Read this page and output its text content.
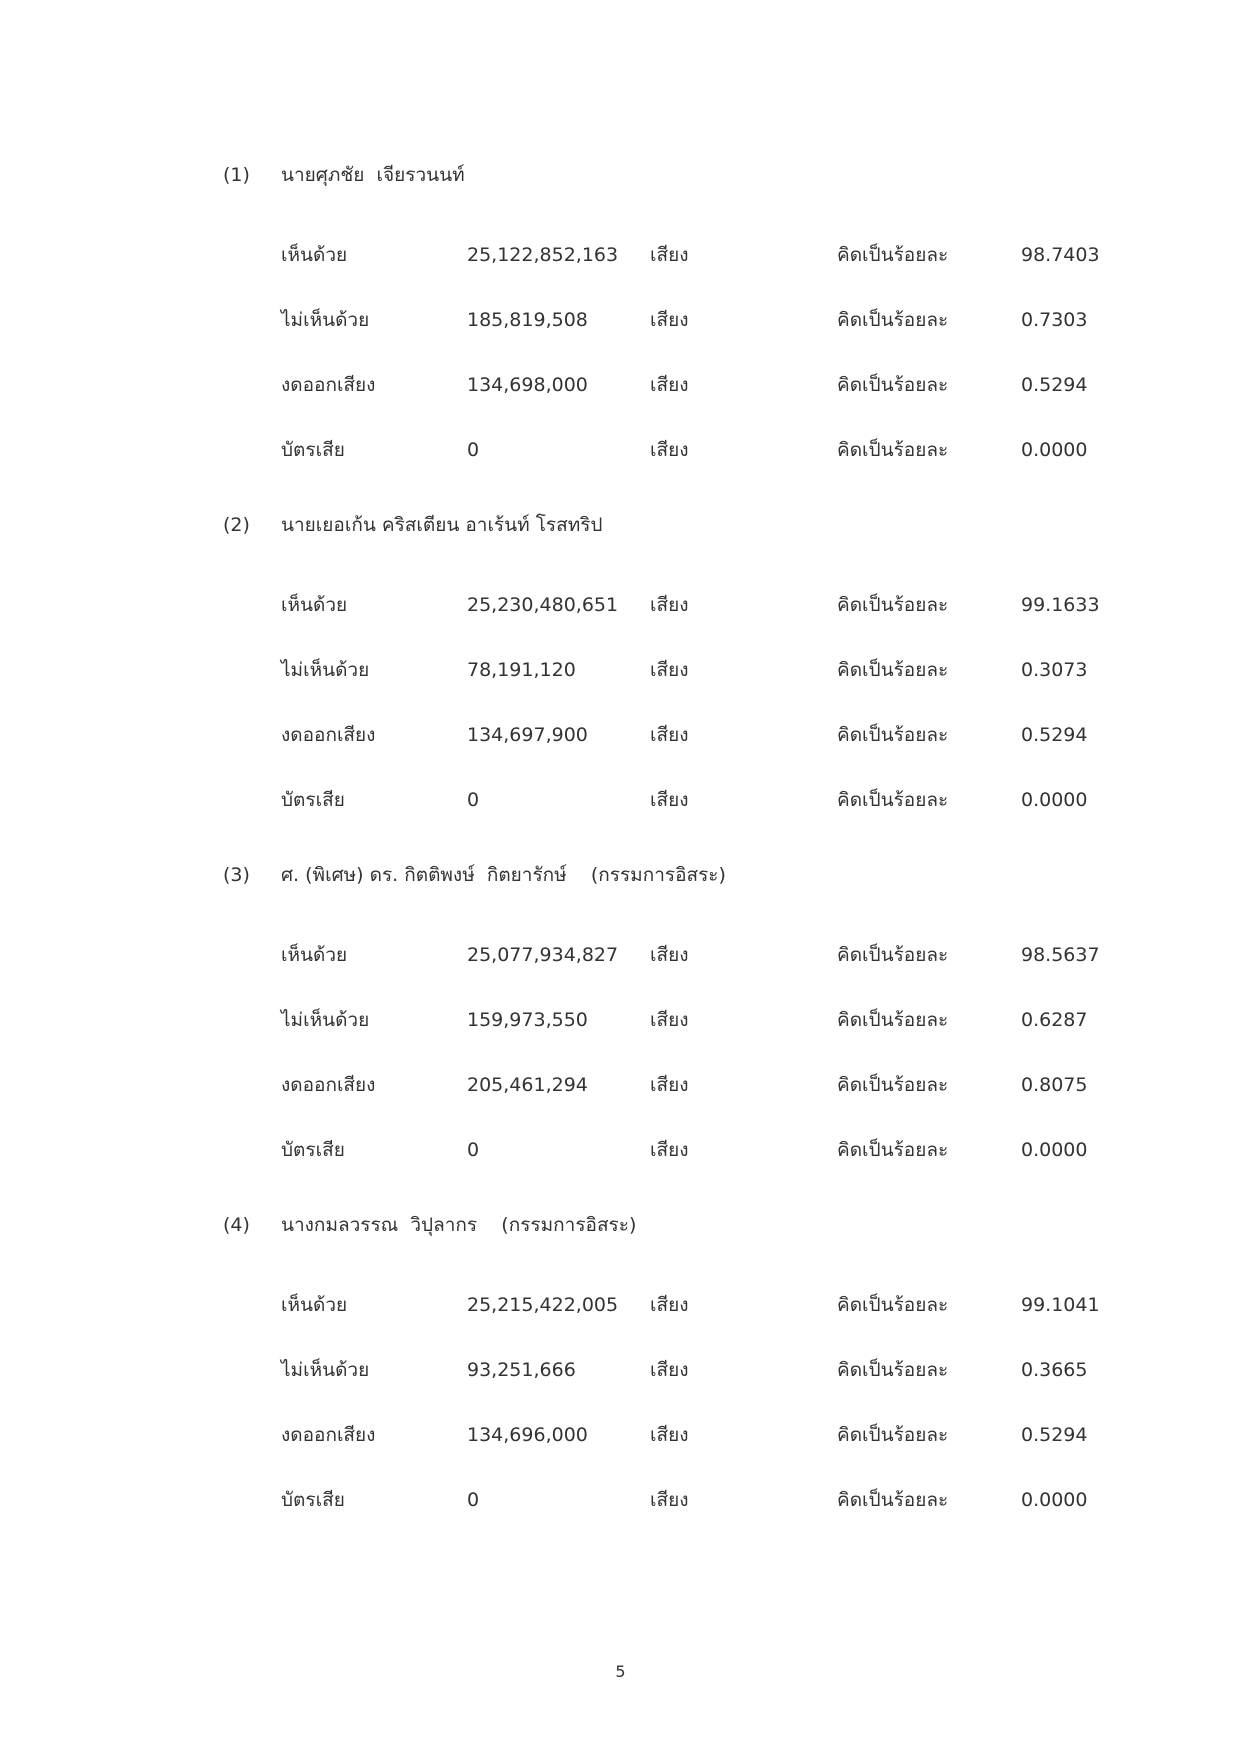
(1) นายศุภชัย  เจียรวนนท์
เห็นด้วย	25,122,852,163 เสียง	คิดเป็นร้อยละ	98.7403
ไม่เห็นด้วย	185,819,508	เสียง	คิดเป็นร้อยละ	0.7303
งดออกเสียง	134,698,000	เสียง	คิดเป็นร้อยละ	0.5294
บัตรเสีย	0	เสียง	คิดเป็นร้อยละ	0.0000
(2) นายเยอเก้น คริสเตียน อาเร้นท์ โรสทริป
เห็นด้วย	25,230,480,651 เสียง	คิดเป็นร้อยละ	99.1633
ไม่เห็นด้วย	78,191,120	เสียง	คิดเป็นร้อยละ	0.3073
งดออกเสียง	134,697,900	เสียง	คิดเป็นร้อยละ	0.5294
บัตรเสีย	0	เสียง	คิดเป็นร้อยละ	0.0000
(3) ศ. (พิเศษ) ดร. กิตติพงษ์  กิตยารักษ์    (กรรมการอิสระ)
เห็นด้วย	25,077,934,827 เสียง	คิดเป็นร้อยละ	98.5637
ไม่เห็นด้วย	159,973,550	เสียง	คิดเป็นร้อยละ	0.6287
งดออกเสียง	205,461,294	เสียง	คิดเป็นร้อยละ	0.8075
บัตรเสีย	0	เสียง	คิดเป็นร้อยละ	0.0000
(4) นางกมลวรรณ  วิปุลากร    (กรรมการอิสระ)
เห็นด้วย	25,215,422,005 เสียง	คิดเป็นร้อยละ	99.1041
ไม่เห็นด้วย	93,251,666	เสียง	คิดเป็นร้อยละ	0.3665
งดออกเสียง	134,696,000	เสียง	คิดเป็นร้อยละ	0.5294
บัตรเสีย	0	เสียง	คิดเป็นร้อยละ	0.0000
5
